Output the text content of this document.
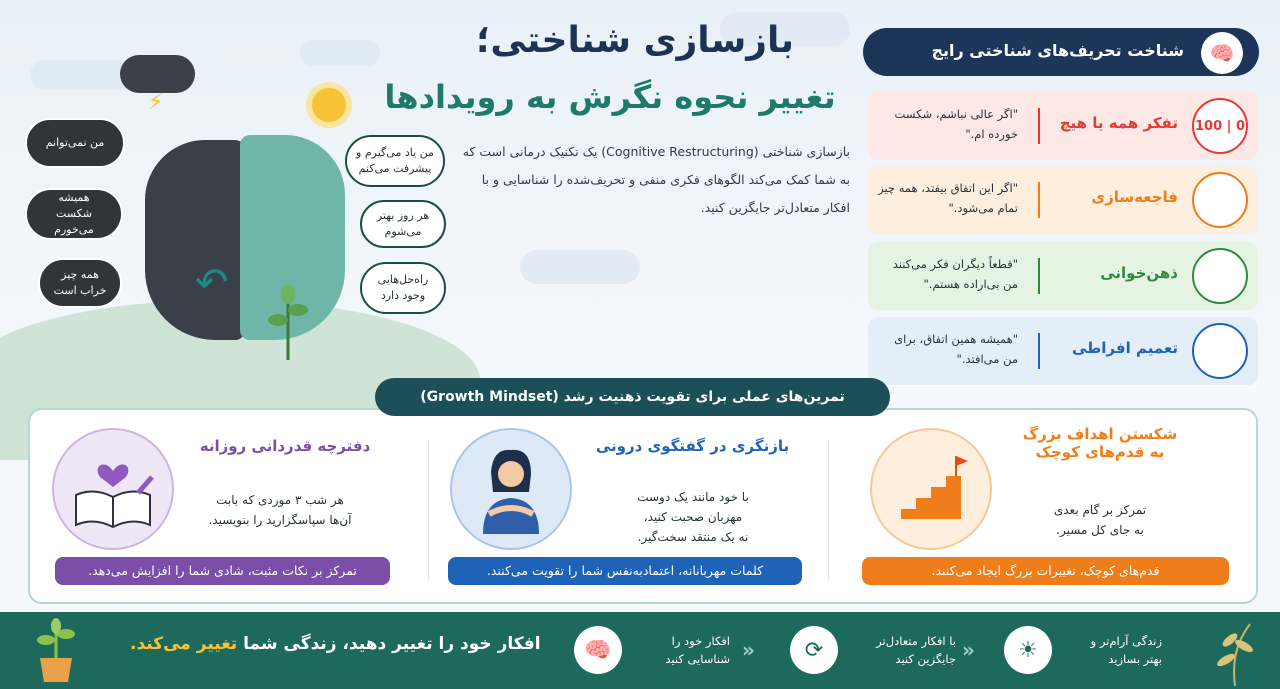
بازسازی شناختی؛
تغییر نحوه نگرش به رویدادها
بازسازی شناختی (Cognitive Restructuring) یک تکنیک درمانی است که به شما کمک می‌کند الگوهای فکری منفی و تحریف‌شده را شناسایی و با افکار متعادل‌تر جایگزین کنید.
⚡
↶
من نمی‌توانم
همیشه شکست می‌خورم
همه چیز خراب است
من یاد می‌گیرم و پیشرفت می‌کنم
هر روز بهتر می‌شوم
راه‌حل‌هایی وجود دارد
🧠
شناخت تحریف‌های شناختی رایج
0 | 100
تفکر همه یا هیچ
"اگر عالی نباشم، شکست خورده ام."
فاجعه‌سازی
"اگر این اتفاق بیفتد، همه چیز تمام می‌شود."
ذهن‌خوانی
"قطعاً دیگران فکر می‌کنند من بی‌اراده هستم."
تعمیم افراطی
"همیشه همین اتفاق، برای من می‌افتد."
تمرین‌های عملی برای تقویت ذهنیت رشد (Growth Mindset)
شکستن اهداف بزرگ
به قدم‌های کوچک
تمرکز بر گام بعدی
به جای کل مسیر.
قدم‌های کوچک، تغییرات بزرگ ایجاد می‌کنند.
بازنگری در گفتگوی درونی
با خود مانند یک دوست
مهربان صحبت کنید،
نه یک منتقد سخت‌گیر.
کلمات مهربانانه، اعتمادبه‌نفس شما را تقویت می‌کنند.
دفترچه قدردانی روزانه
هر شب ۳ موردی که بابت
آن‌ها سپاسگزارید را بنویسید.
تمرکز بر نکات مثبت، شادی شما را افزایش می‌دهد.
افکار خود را تغییر دهید، زندگی شما تغییر می‌کند.	🧠	افکار خود را
شناسایی کنید «	⟳	با افکار متعادل‌تر
جایگزین کنید «	☀	زندگی آرام‌تر و
بهتر بسازید
